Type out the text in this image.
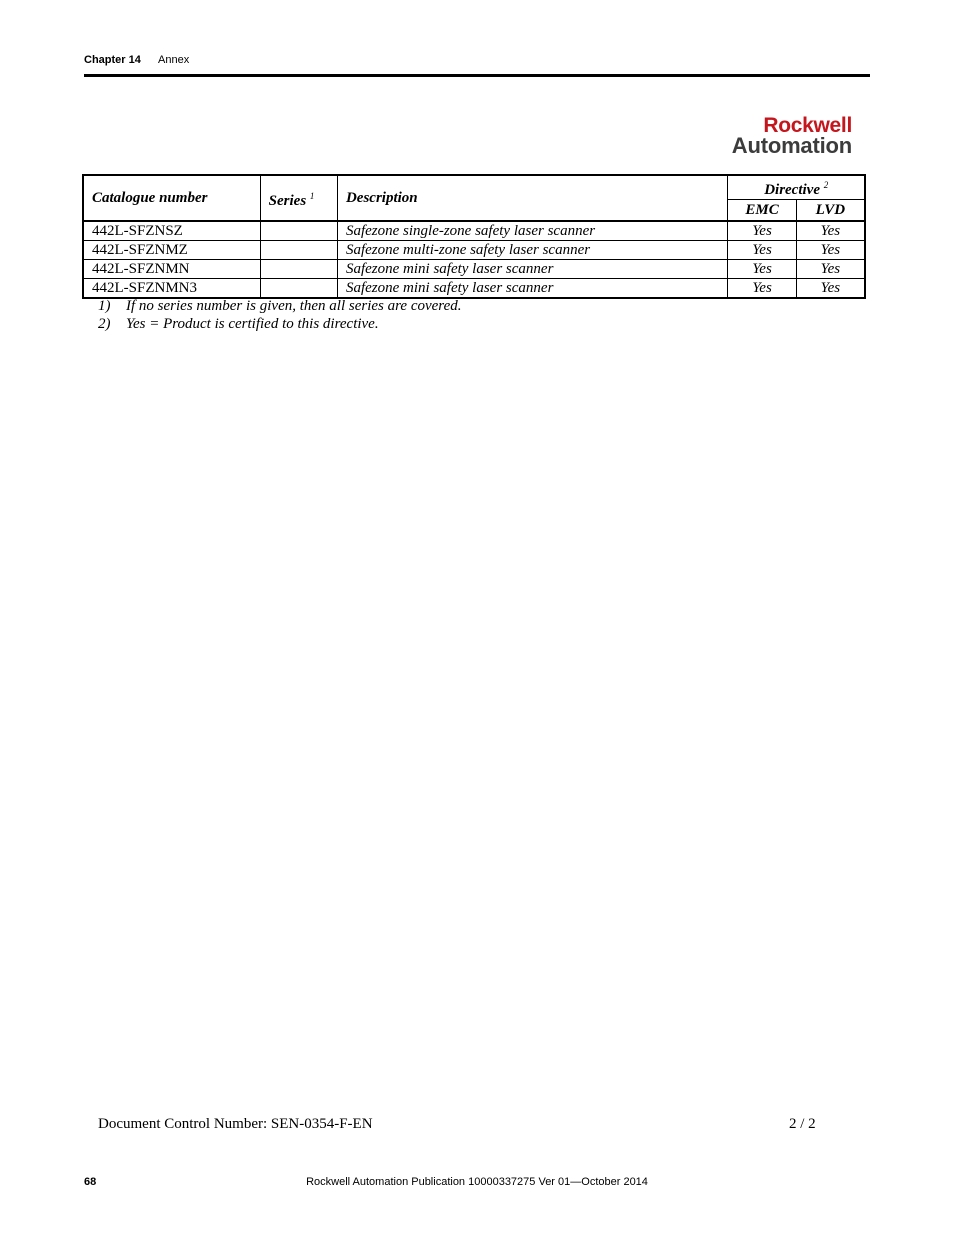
Chapter 14 Annex
Rockwell
Automation
Catalogue number	Series $^1$	Description	Directive $^2$
			EMC	LVD
442L-SFZNSZ		Safezone single-zone safety laser scanner	Yes	Yes
442L-SFZNMZ		Safezone multi-zone safety laser scanner	Yes	Yes
442L-SFZNMN		Safezone mini safety laser scanner	Yes	Yes
442L-SFZNMN3		Safezone mini safety laser scanner	Yes	Yes
1) If no series number is given, then all series are covered.
2) Yes = Product is certified to this directive.
Document Control Number: SEN-0354-F-EN	2 / 2
68	Rockwell Automation Publication 10000337275 Ver 01—October 2014
